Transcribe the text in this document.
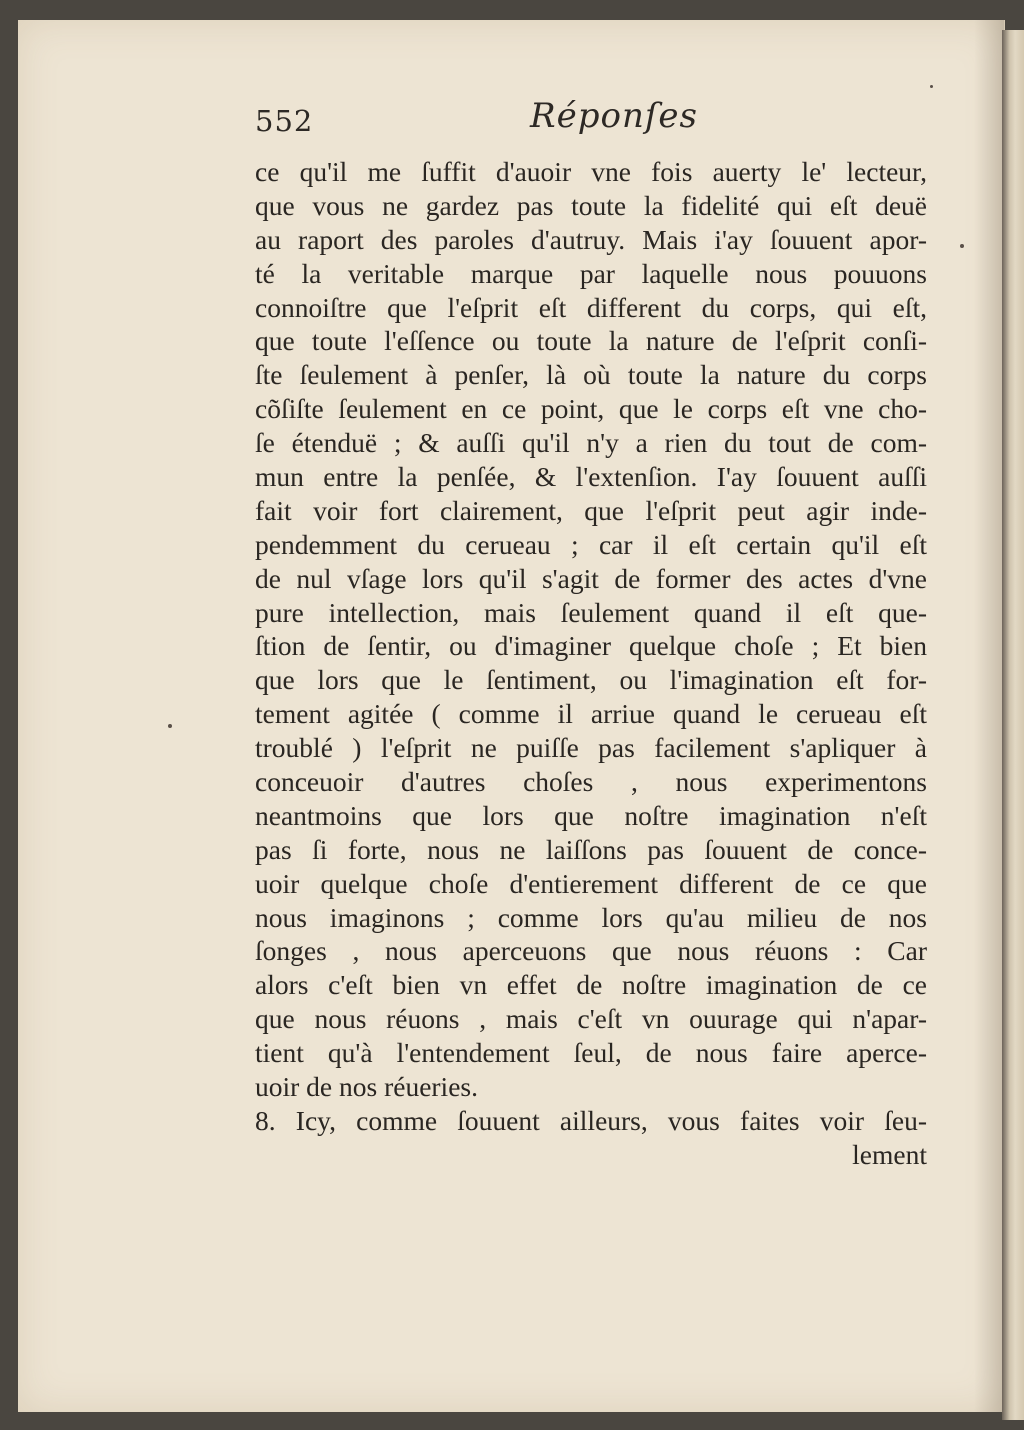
552	Réponſes
ce qu'il me ſuffit d'auoir vne fois auerty le' lecteur,
que vous ne gardez pas toute la fidelité qui eſt deuë
au raport des paroles d'autruy. Mais i'ay ſouuent apor-
té la veritable marque par laquelle nous pouuons
connoiſtre que l'eſprit eſt different du corps, qui eſt,
que toute l'eſſence ou toute la nature de l'eſprit conſi-
ſte ſeulement à penſer, là où toute la nature du corps
cõſiſte ſeulement en ce point, que le corps eſt vne cho-
ſe étenduë ; & auſſi qu'il n'y a rien du tout de com-
mun entre la penſée, & l'extenſion. I'ay ſouuent auſſi
fait voir fort clairement, que l'eſprit peut agir inde-
pendemment du cerueau ; car il eſt certain qu'il eſt
de nul vſage lors qu'il s'agit de former des actes d'vne
pure intellection, mais ſeulement quand il eſt que-
ſtion de ſentir, ou d'imaginer quelque choſe ; Et bien
que lors que le ſentiment, ou l'imagination eſt for-
tement agitée ( comme il arriue quand le cerueau eſt
troublé ) l'eſprit ne puiſſe pas facilement s'apliquer à
conceuoir d'autres choſes , nous experimentons
neantmoins que lors que noſtre imagination n'eſt
pas ſi forte, nous ne laiſſons pas ſouuent de conce-
uoir quelque choſe d'entierement different de ce que
nous imaginons ; comme lors qu'au milieu de nos
ſonges , nous aperceuons que nous réuons : Car
alors c'eſt bien vn effet de noſtre imagination de ce
que nous réuons , mais c'eſt vn ouurage qui n'apar-
tient qu'à l'entendement ſeul, de nous faire aperce-
uoir de nos réueries.
8. Icy, comme ſouuent ailleurs, vous faites voir ſeu-
lement
